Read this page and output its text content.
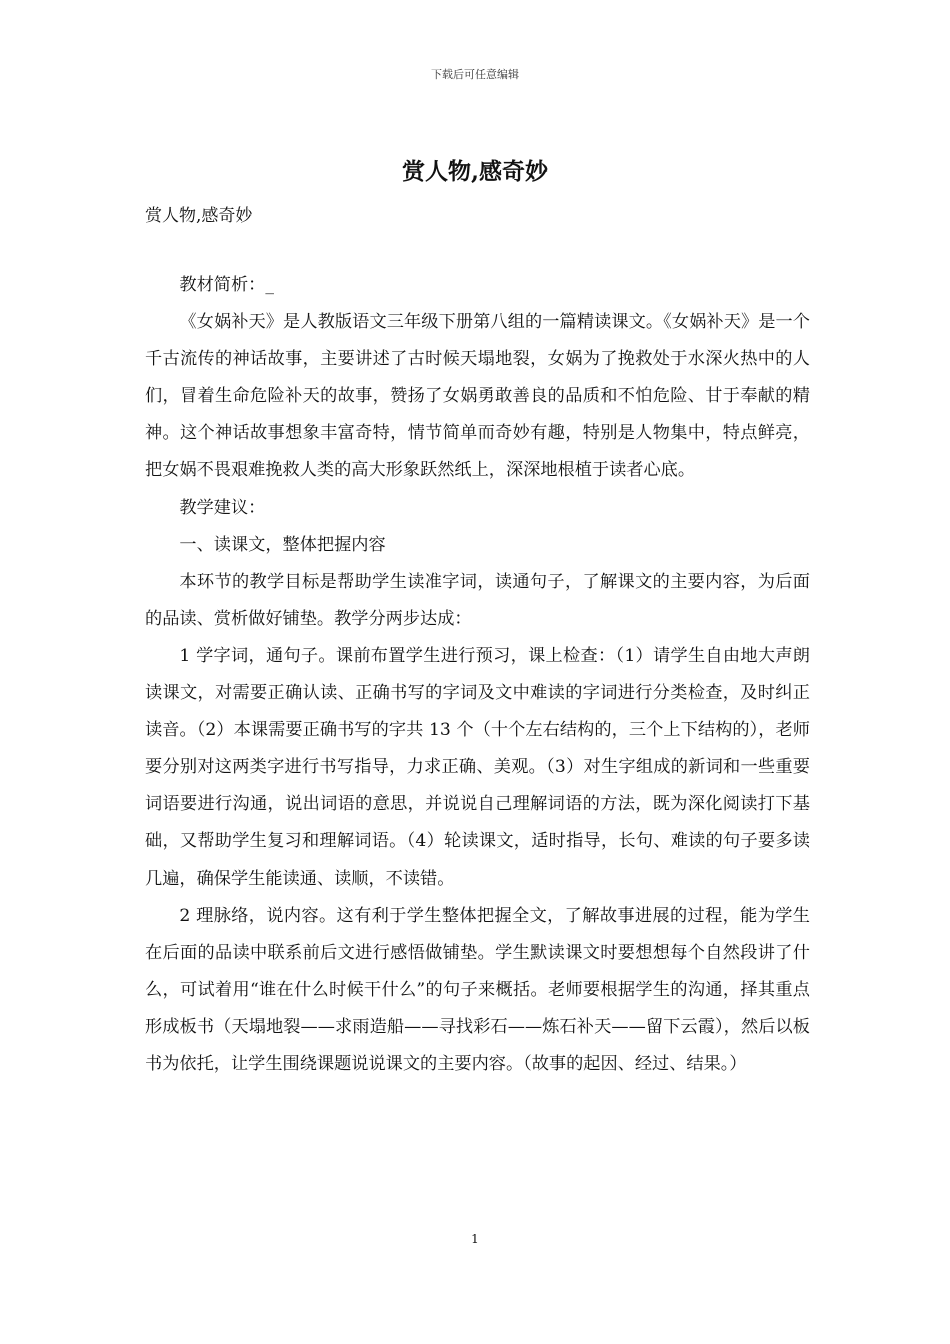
下载后可任意编辑
赏人物,感奇妙
赏人物,感奇妙

教材简析：_

《女娲补天》是人教版语文三年级下册第八组的一篇精读课文。《女娲补天》是一个千古流传的神话故事，主要讲述了古时候天塌地裂，女娲为了挽救处于水深火热中的人们，冒着生命危险补天的故事，赞扬了女娲勇敢善良的品质和不怕危险、甘于奉献的精神。这个神话故事想象丰富奇特，情节简单而奇妙有趣，特别是人物集中，特点鲜亮，把女娲不畏艰难挽救人类的高大形象跃然纸上，深深地根植于读者心底。

教学建议：

一、读课文，整体把握内容

本环节的教学目标是帮助学生读准字词，读通句子，了解课文的主要内容，为后面的品读、赏析做好铺垫。教学分两步达成：

1 学字词，通句子。课前布置学生进行预习，课上检查：（1）请学生自由地大声朗读课文，对需要正确认读、正确书写的字词及文中难读的字词进行分类检查，及时纠正读音。（2）本课需要正确书写的字共 13 个（十个左右结构的，三个上下结构的），老师要分别对这两类字进行书写指导，力求正确、美观。（3）对生字组成的新词和一些重要词语要进行沟通，说出词语的意思，并说说自己理解词语的方法，既为深化阅读打下基础，又帮助学生复习和理解词语。（4）轮读课文，适时指导，长句、难读的句子要多读几遍，确保学生能读通、读顺，不读错。

2 理脉络，说内容。这有利于学生整体把握全文，了解故事进展的过程，能为学生在后面的品读中联系前后文进行感悟做铺垫。学生默读课文时要想想每个自然段讲了什么，可试着用“谁在什么时候干什么”的句子来概括。老师要根据学生的沟通，择其重点形成板书（天塌地裂——求雨造船——寻找彩石——炼石补天——留下云霞），然后以板书为依托，让学生围绕课题说说课文的主要内容。（故事的起因、经过、结果。）

1
